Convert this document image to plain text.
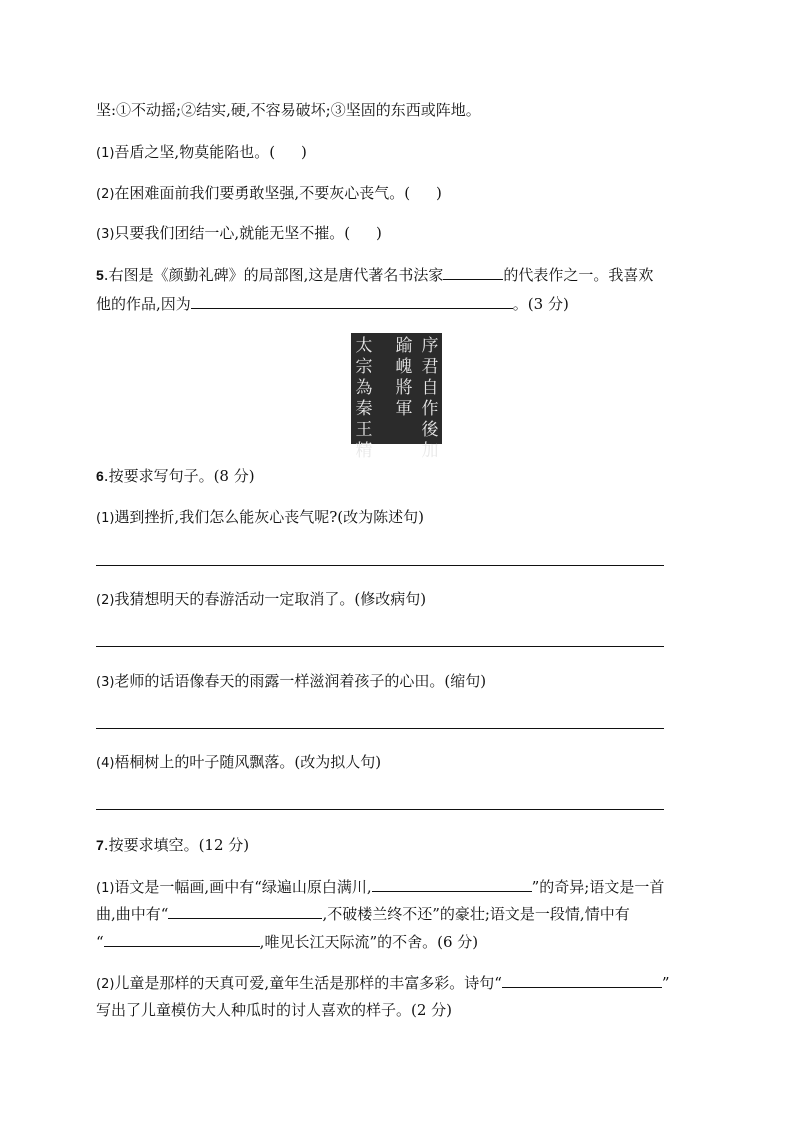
坚:①不动摇;②结实,硬,不容易破坏;③坚固的东西或阵地。
(1)吾盾之坚,物莫能陷也。( )
(2)在困难面前我们要勇敢坚强,不要灰心丧气。( )
(3)只要我们团结一心,就能无坚不摧。( )
5.右图是《颜勤礼碑》的局部图,这是唐代著名书法家	的代表作之一。我喜欢
他的作品,因为	。(3 分)
序
君
自
作
後
加
踰
㟴
將
軍
太
宗
為
秦
王
精
6.按要求写句子。(8 分)
(1)遇到挫折,我们怎么能灰心丧气呢?(改为陈述句)
(2)我猜想明天的春游活动一定取消了。(修改病句)
(3)老师的话语像春天的雨露一样滋润着孩子的心田。(缩句)
(4)梧桐树上的叶子随风飘落。(改为拟人句)
7.按要求填空。(12 分)
(1)语文是一幅画,画中有“绿遍山原白满川,	”的奇异;语文是一首
曲,曲中有“	,不破楼兰终不还”的豪壮;语文是一段情,情中有
“	,唯见长江天际流”的不舍。(6 分)
(2)儿童是那样的天真可爱,童年生活是那样的丰富多彩。诗句“	”
写出了儿童模仿大人种瓜时的讨人喜欢的样子。(2 分)
